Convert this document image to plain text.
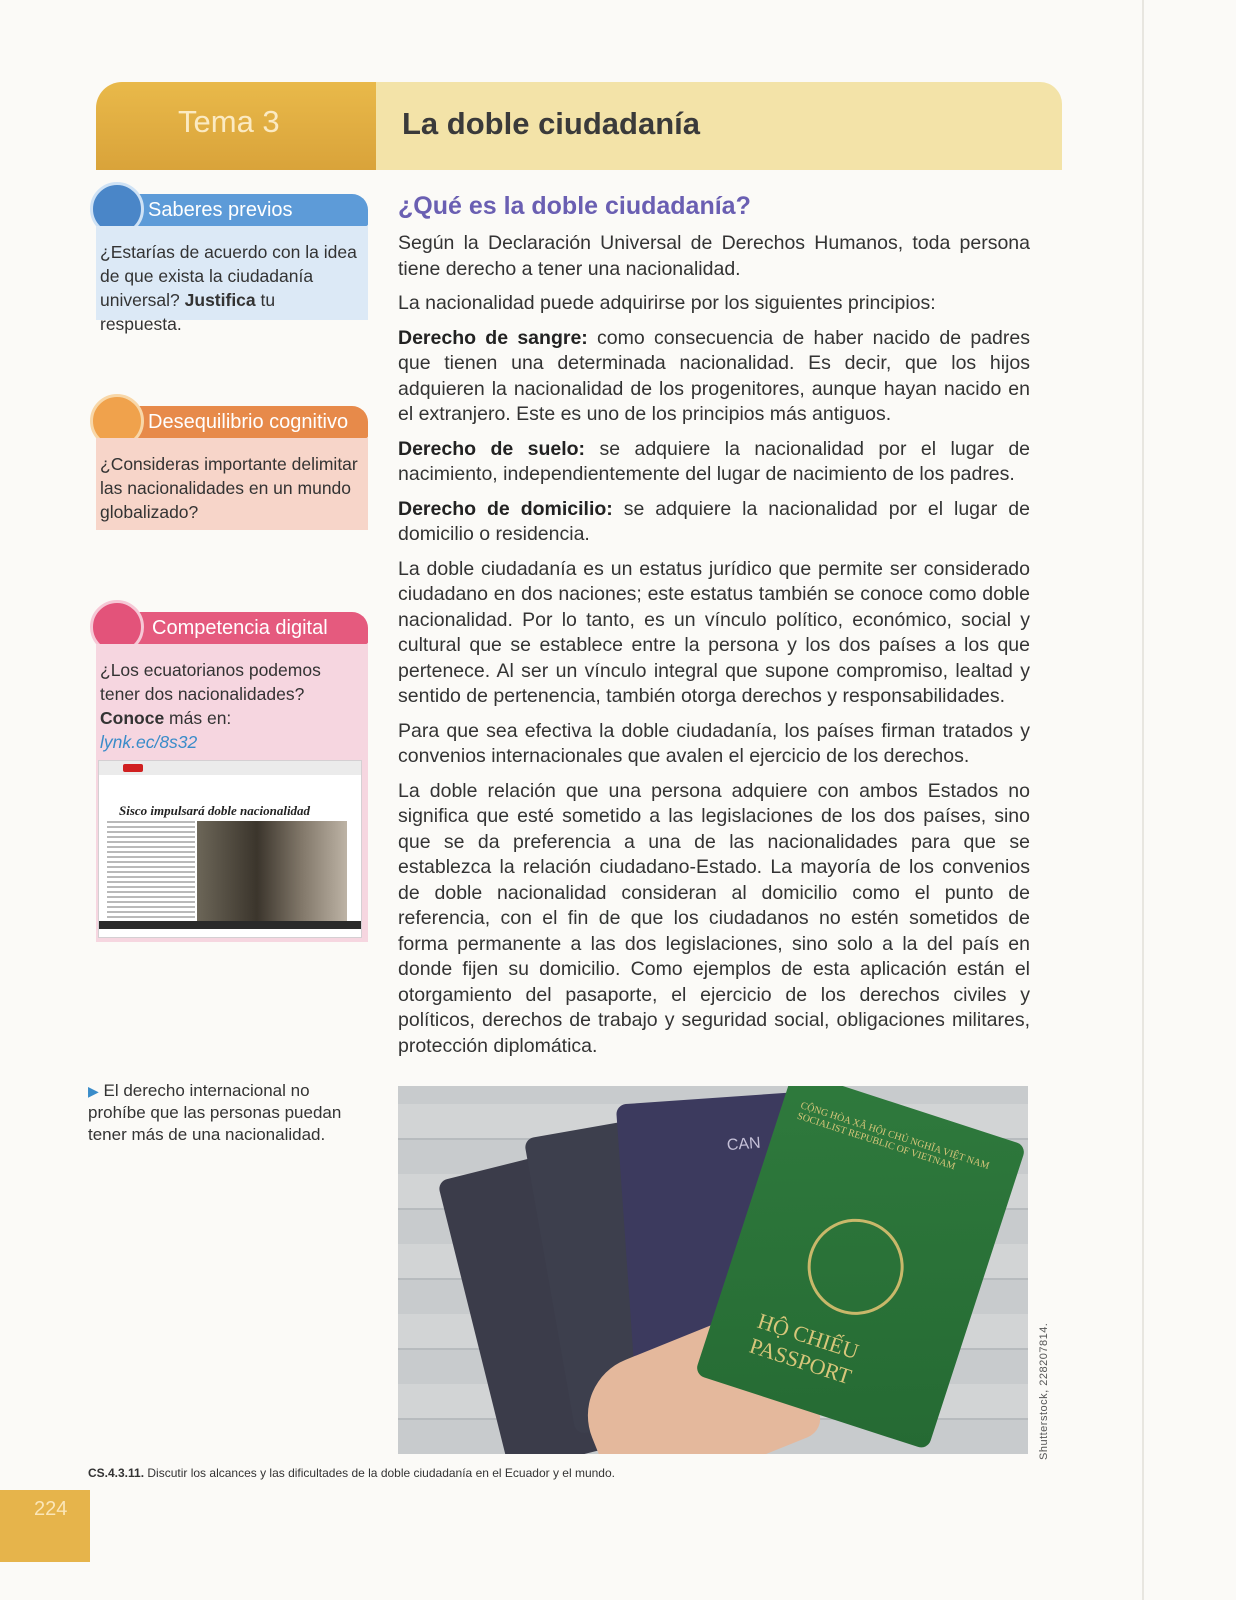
Tema 3	La doble ciudadanía
Saberes previos

¿Estarías de acuerdo con la idea de que exista la ciudadanía universal? Justifica tu respuesta.

Desequilibrio cognitivo

¿Consideras importante delimitar las nacionalidades en un mundo globalizado?

Competencia digital

¿Los ecuatorianos podemos tener dos nacionalidades? Conoce más en:
lynk.ec/8s32

Sisco impulsará doble nacionalidad
▶ El derecho internacional no prohíbe que las personas puedan tener más de una nacionalidad.
¿Qué es la doble ciudadanía?

Según la Declaración Universal de Derechos Humanos, toda persona tiene derecho a tener una nacionalidad.

La nacionalidad puede adquirirse por los siguientes principios:

Derecho de sangre: como consecuencia de haber nacido de padres que tienen una determinada nacionalidad. Es decir, que los hijos adquieren la nacionalidad de los progenitores, aunque hayan nacido en el extranjero. Este es uno de los principios más antiguos.

Derecho de suelo: se adquiere la nacionalidad por el lugar de nacimiento, independientemente del lugar de nacimiento de los padres.

Derecho de domicilio: se adquiere la nacionalidad por el lugar de domicilio o residencia.

La doble ciudadanía es un estatus jurídico que permite ser considerado ciudadano en dos naciones; este estatus también se conoce como doble nacionalidad. Por lo tanto, es un vínculo político, económico, social y cultural que se establece entre la persona y los dos países a los que pertenece. Al ser un vínculo integral que supone compromiso, lealtad y sentido de pertenencia, también otorga derechos y responsabilidades.

Para que sea efectiva la doble ciudadanía, los países firman tratados y convenios internacionales que avalen el ejercicio de los derechos.

La doble relación que una persona adquiere con ambos Estados no significa que esté sometido a las legislaciones de los dos países, sino que se da preferencia a una de las nacionalidades para que se establezca la relación ciudadano-Estado. La mayoría de los convenios de doble nacionalidad consideran al domicilio como el punto de referencia, con el fin de que los ciudadanos no estén sometidos de forma permanente a las dos legislaciones, sino solo a la del país en donde fijen su domicilio. Como ejemplos de esta aplicación están el otorgamiento del pasaporte, el ejercicio de los derechos civiles y políticos, derechos de trabajo y seguridad social, obligaciones militares, protección diplomática.

CAN	CỘNG HÒA XÃ HỘI CHỦ NGHĨA VIỆT NAM SOCIALIST REPUBLIC OF VIETNAM
HỘ CHIẾU PASSPORT	Shutterstock, 228207814.
CS.4.3.11. Discutir los alcances y las dificultades de la doble ciudadanía en el Ecuador y el mundo.
224
